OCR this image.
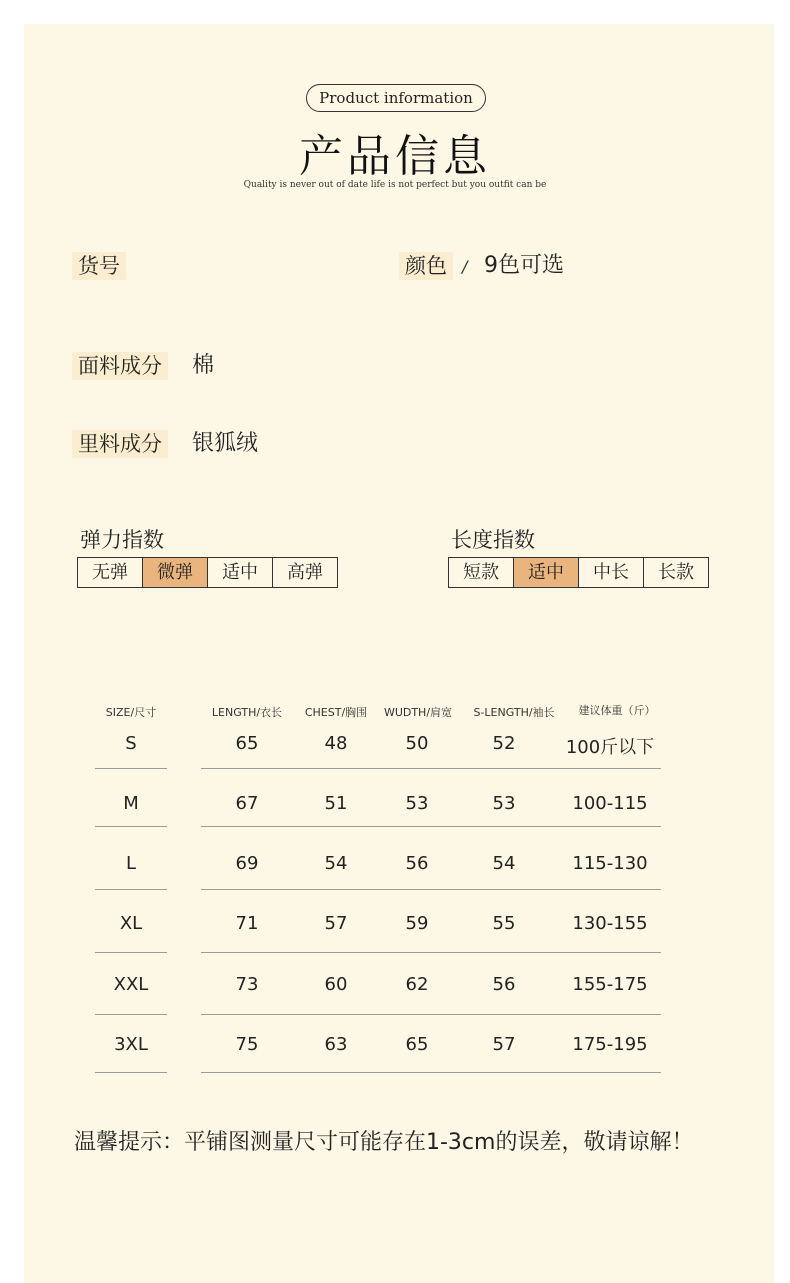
Product information
产品信息
Quality is never out of date life is not perfect but you outfit can be
货号	颜色 / 9色可选
面料成分 棉
里料成分 银狐绒
弹力指数
无弹	微弹	适中	高弹
长度指数
短款	适中	中长	长款
SIZE/尺寸	LENGTH/衣长	CHEST/胸围	WUDTH/肩宽	S-LENGTH/袖长	建议体重（斤）
S	65	48	50	52	100斤以下
M	67	51	53	53	100-115
L	69	54	56	54	115-130
XL	71	57	59	55	130-155
XXL	73	60	62	56	155-175
3XL	75	63	65	57	175-195
温馨提示：平铺图测量尺寸可能存在1-3cm的误差，敬请谅解！
